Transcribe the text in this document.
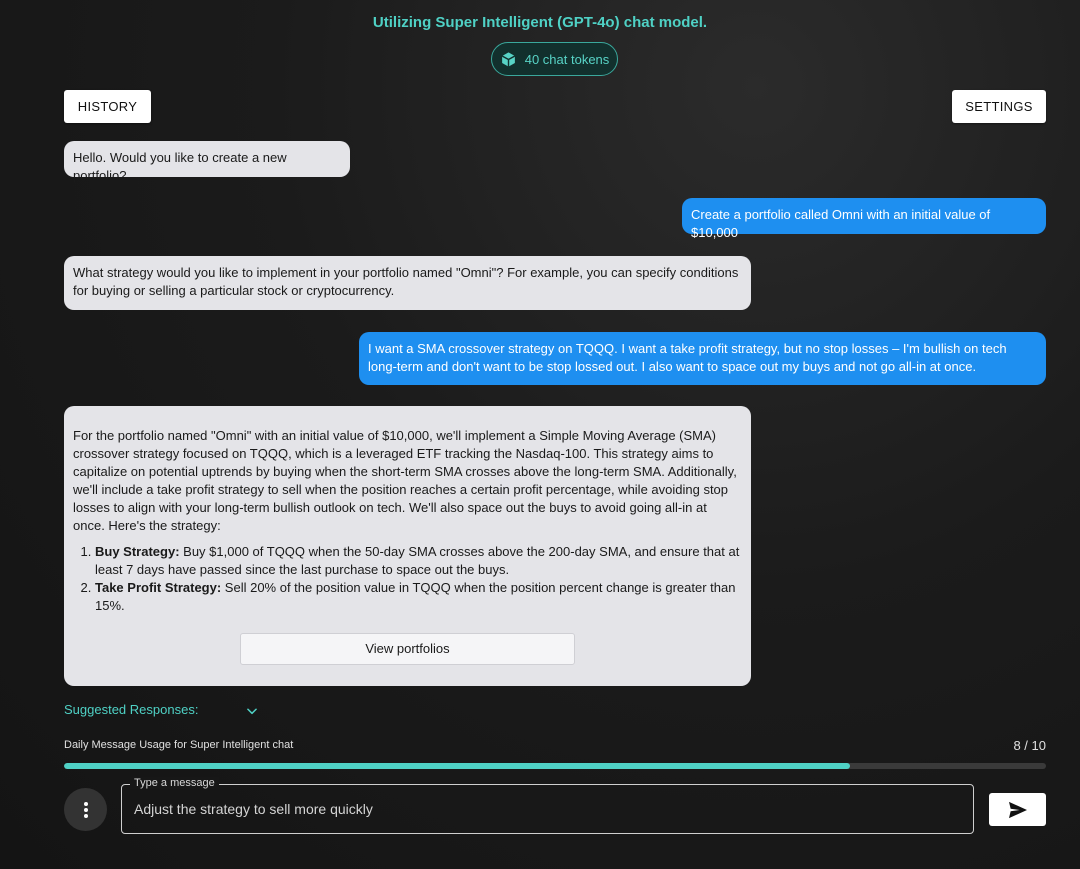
Utilizing Super Intelligent (GPT-4o) chat model.
40 chat tokens
HISTORY	SETTINGS
Hello. Would you like to create a new portfolio?
Create a portfolio called Omni with an initial value of $10,000
What strategy would you like to implement in your portfolio named "Omni"? For example, you can specify conditions for buying or selling a particular stock or cryptocurrency.
I want a SMA crossover strategy on TQQQ. I want a take profit strategy, but no stop losses – I'm bullish on tech long-term and don't want to be stop lossed out. I also want to space out my buys and not go all-in at once.

For the portfolio named "Omni" with an initial value of $10,000, we'll implement a Simple Moving Average (SMA) crossover strategy focused on TQQQ, which is a leveraged ETF tracking the Nasdaq-100. This strategy aims to capitalize on potential uptrends by buying when the short-term SMA crosses above the long-term SMA. Additionally, we'll include a take profit strategy to sell when the position reaches a certain profit percentage, while avoiding stop losses to align with your long-term bullish outlook on tech. We'll also space out the buys to avoid going all-in at once. Here's the strategy:

1. Buy Strategy: Buy $1,000 of TQQQ when the 50-day SMA crosses above the 200-day SMA, and ensure that at least 7 days have passed since the last purchase to space out the buys.
2. Take Profit Strategy: Sell 20% of the position value in TQQQ when the position percent change is greater than 15%.
View portfolios
Suggested Responses:
Daily Message Usage for Super Intelligent chat	8 / 10
Type a message
Adjust the strategy to sell more quickly
